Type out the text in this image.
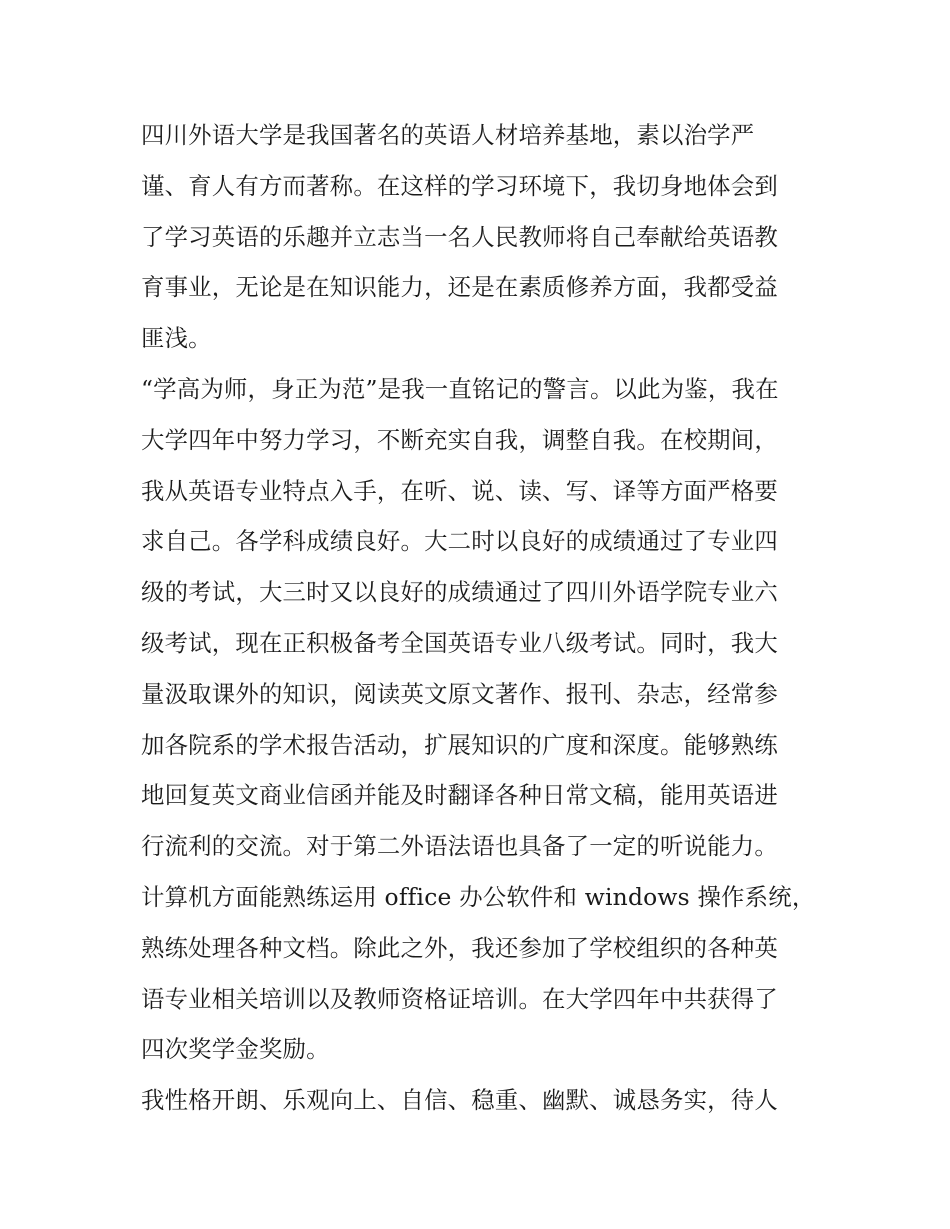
四川外语大学是我国著名的英语人材培养基地，素以治学严
谨、育人有方而著称。在这样的学习环境下，我切身地体会到
了学习英语的乐趣并立志当一名人民教师将自己奉献给英语教
育事业，无论是在知识能力，还是在素质修养方面，我都受益
匪浅。
“学高为师，身正为范”是我一直铭记的警言。以此为鉴，我在
大学四年中努力学习，不断充实自我，调整自我。在校期间，
我从英语专业特点入手，在听、说、读、写、译等方面严格要
求自己。各学科成绩良好。大二时以良好的成绩通过了专业四
级的考试，大三时又以良好的成绩通过了四川外语学院专业六
级考试，现在正积极备考全国英语专业八级考试。同时，我大
量汲取课外的知识，阅读英文原文著作、报刊、杂志，经常参
加各院系的学术报告活动，扩展知识的广度和深度。能够熟练
地回复英文商业信函并能及时翻译各种日常文稿，能用英语进
行流利的交流。对于第二外语法语也具备了一定的听说能力。
计算机方面能熟练运用 office 办公软件和 windows 操作系统，
熟练处理各种文档。除此之外，我还参加了学校组织的各种英
语专业相关培训以及教师资格证培训。在大学四年中共获得了
四次奖学金奖励。
我性格开朗、乐观向上、自信、稳重、幽默、诚恳务实，待人
